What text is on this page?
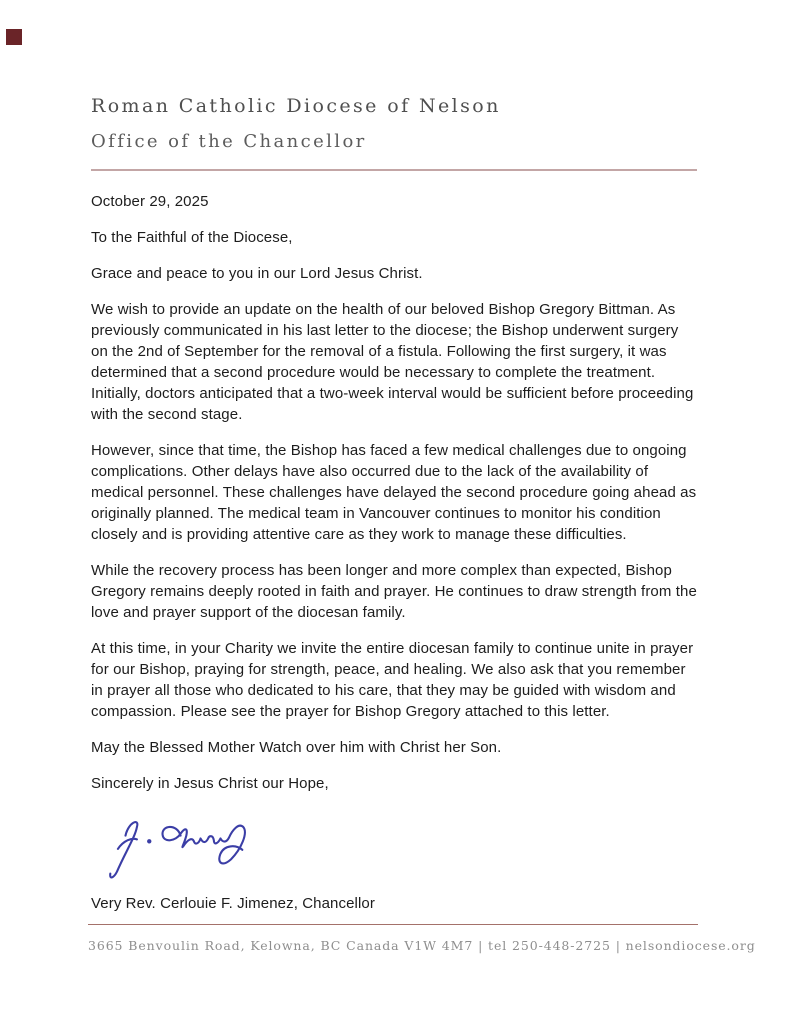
Roman Catholic Diocese of Nelson
Office of the Chancellor

October 29, 2025

To the Faithful of the Diocese,

Grace and peace to you in our Lord Jesus Christ.

We wish to provide an update on the health of our beloved Bishop Gregory Bittman. As previously communicated in his last letter to the diocese; the Bishop underwent surgery on the 2nd of September for the removal of a fistula. Following the first surgery, it was determined that a second procedure would be necessary to complete the treatment. Initially, doctors anticipated that a two-week interval would be sufficient before proceeding with the second stage.

However, since that time, the Bishop has faced a few medical challenges due to ongoing complications. Other delays have also occurred due to the lack of the availability of medical personnel. These challenges have delayed the second procedure going ahead as originally planned. The medical team in Vancouver continues to monitor his condition closely and is providing attentive care as they work to manage these difficulties.

While the recovery process has been longer and more complex than expected, Bishop Gregory remains deeply rooted in faith and prayer. He continues to draw strength from the love and prayer support of the diocesan family.

At this time, in your Charity we invite the entire diocesan family to continue unite in prayer for our Bishop, praying for strength, peace, and healing. We also ask that you remember in prayer all those who dedicated to his care, that they may be guided with wisdom and compassion. Please see the prayer for Bishop Gregory attached to this letter.

May the Blessed Mother Watch over him with Christ her Son.

Sincerely in Jesus Christ our Hope,

Very Rev. Cerlouie F. Jimenez, Chancellor

3665 Benvoulin Road, Kelowna, BC Canada V1W 4M7 | tel 250-448-2725 | nelsondiocese.org
